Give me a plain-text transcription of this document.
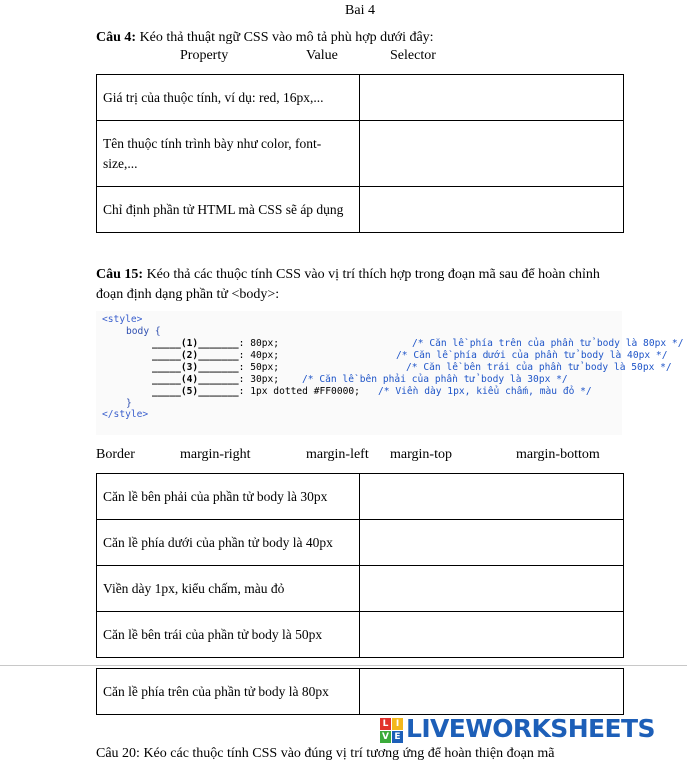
Bai 4
Câu 4: Kéo thả thuật ngữ CSS vào mô tả phù hợp dưới đây:
Property	Value	Selector
Giá trị của thuộc tính, ví dụ: red, 16px,...	

Tên thuộc tính trình bày như color, font-
size,...	

Chỉ định phần tử HTML mà CSS sẽ áp dụng	
Câu 15: Kéo thả các thuộc tính CSS vào vị trí thích hợp trong đoạn mã sau để hoàn chỉnh
đoạn định dạng phần tử <body>:
<style>
body {
_____(1)_______: 80px;	/* Căn lề phía trên của phần tử body là 80px */
_____(2)_______: 40px;	/* Căn lề phía dưới của phần tử body là 40px */
_____(3)_______: 50px;	/* Căn lề bên trái của phần tử body là 50px */
_____(4)_______: 30px; /* Căn lề bên phải của phần tử body là 30px */
_____(5)_______: 1px dotted #FF0000; /* Viền dày 1px, kiểu chấm, màu đỏ */
}
</style>
Border	margin-right	margin-left margin-top	margin-bottom
Căn lề bên phải của phần tử body là 30px	
Căn lề phía dưới của phần tử body là 40px	
Viền dày 1px, kiểu chấm, màu đỏ	
Căn lề bên trái của phần tử body là 50px	
Căn lề phía trên của phần tử body là 80px	
L I
V E LIVEWORKSHEETS
Câu 20: Kéo các thuộc tính CSS vào đúng vị trí tương ứng để hoàn thiện đoạn mã
